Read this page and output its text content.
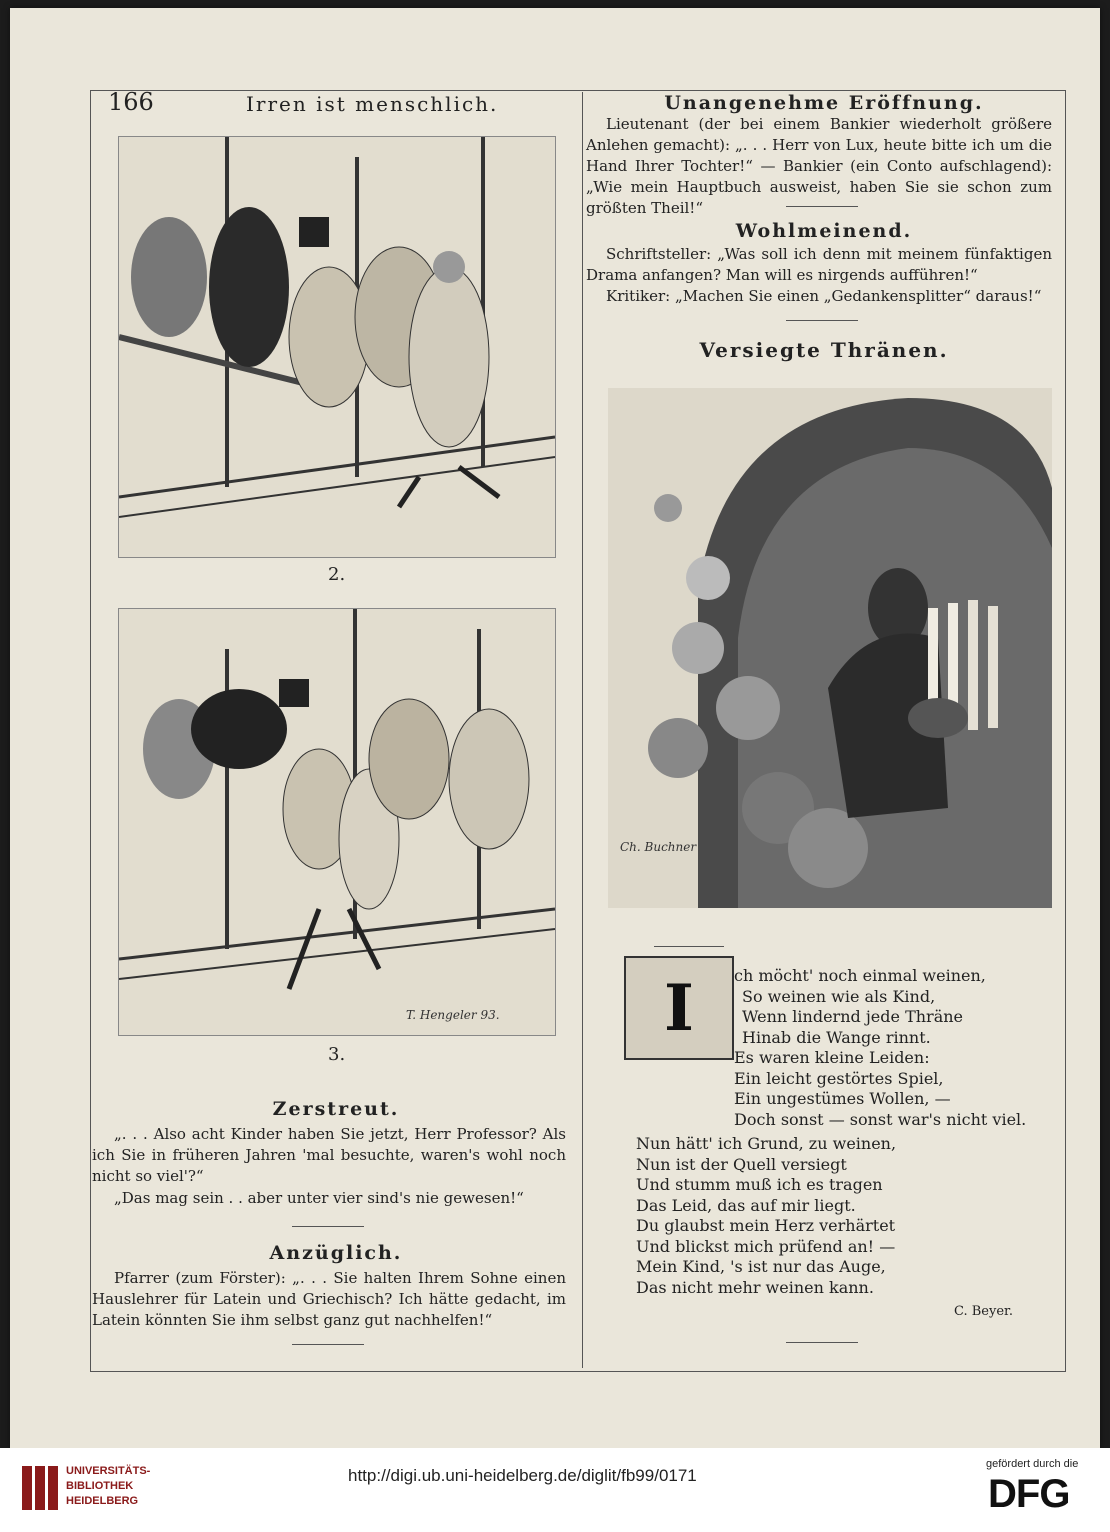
166	Irren ist menschlich.
2.
T. Hengeler 93.
3.
Zerstreut.
„. . . Also acht Kinder haben Sie jetzt, Herr Professor? Als ich Sie in früheren Jahren 'mal besuchte, waren's wohl noch nicht so viel'?“
„Das mag sein . . aber unter vier sind's nie gewesen!“
Anzüglich.
Pfarrer (zum Förster): „. . . Sie halten Ihrem Sohne einen Hauslehrer für Latein und Griechisch? Ich hätte gedacht, im Latein könnten Sie ihm selbst ganz gut nachhelfen!“
Unangenehme Eröffnung.
Lieutenant (der bei einem Bankier wiederholt größere Anlehen gemacht): „. . . Herr von Lux, heute bitte ich um die Hand Ihrer Tochter!“ — Bankier (ein Conto aufschlagend): „Wie mein Hauptbuch ausweist, haben Sie sie schon zum größten Theil!“
Wohlmeinend.
Schriftsteller: „Was soll ich denn mit meinem fünfaktigen Drama anfangen? Man will es nirgends aufführen!“
Kritiker: „Machen Sie einen „Gedankensplitter“ daraus!“
Versiegte Thränen.
Ch. Buchner
I	ch möcht' noch einmal weinen,
So weinen wie als Kind,
Wenn lindernd jede Thräne
Hinab die Wange rinnt.
Es waren kleine Leiden:
Ein leicht gestörtes Spiel,
Ein ungestümes Wollen, —
Doch sonst — sonst war's nicht viel.
Nun hätt' ich Grund, zu weinen,
Nun ist der Quell versiegt
Und stumm muß ich es tragen
Das Leid, das auf mir liegt.
Du glaubst mein Herz verhärtet
Und blickst mich prüfend an! —
Mein Kind, 's ist nur das Auge,
Das nicht mehr weinen kann.
C. Beyer.
UNIVERSITÄTS-
BIBLIOTHEK
HEIDELBERG
http://digi.ub.uni-heidelberg.de/diglit/fb99/0171
gefördert durch die
DFG
